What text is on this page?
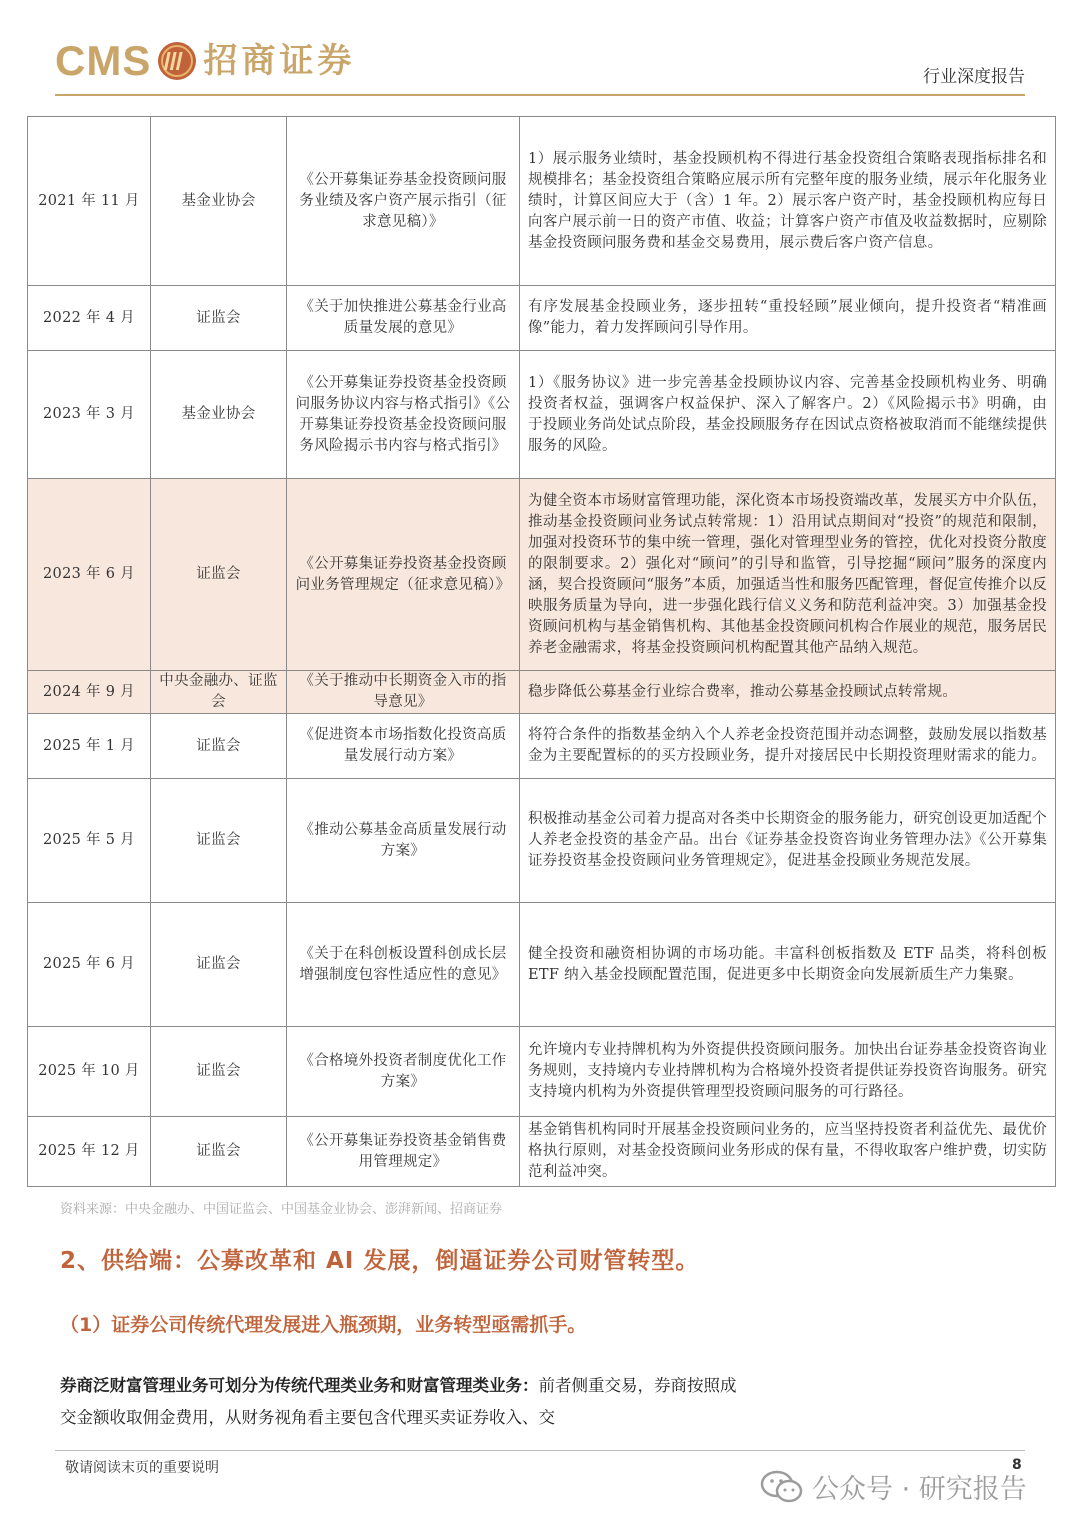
CMS 招商证券	行业深度报告
2021 年 11 月	基金业协会	《公开募集证券基金投资顾问服务业绩及客户资产展示指引（征求意见稿）》	1）展示服务业绩时，基金投顾机构不得进行基金投资组合策略表现指标排名和规模排名；基金投资组合策略应展示所有完整年度的服务业绩，展示年化服务业绩时，计算区间应大于（含）1 年。2）展示客户资产时，基金投顾机构应每日向客户展示前一日的资产市值、收益；计算客户资产市值及收益数据时，应剔除基金投资顾问服务费和基金交易费用，展示费后客户资产信息。
2022 年 4 月	证监会	《关于加快推进公募基金行业高质量发展的意见》	有序发展基金投顾业务，逐步扭转“重投轻顾”展业倾向，提升投资者“精准画像”能力，着力发挥顾问引导作用。
2023 年 3 月	基金业协会	《公开募集证券投资基金投资顾问服务协议内容与格式指引》《公开募集证券投资基金投资顾问服务风险揭示书内容与格式指引》	1）《服务协议》进一步完善基金投顾协议内容、完善基金投顾机构业务、明确投资者权益，强调客户权益保护、深入了解客户。2）《风险揭示书》明确，由于投顾业务尚处试点阶段，基金投顾服务存在因试点资格被取消而不能继续提供服务的风险。
2023 年 6 月	证监会	《公开募集证券投资基金投资顾问业务管理规定（征求意见稿）》	为健全资本市场财富管理功能，深化资本市场投资端改革，发展买方中介队伍，推动基金投资顾问业务试点转常规：1）沿用试点期间对“投资”的规范和限制，加强对投资环节的集中统一管理，强化对管理型业务的管控，优化对投资分散度的限制要求。2）强化对“顾问”的引导和监管，引导挖掘“顾问”服务的深度内涵，契合投资顾问“服务”本质，加强适当性和服务匹配管理，督促宣传推介以反映服务质量为导向，进一步强化践行信义义务和防范利益冲突。3）加强基金投资顾问机构与基金销售机构、其他基金投资顾问机构合作展业的规范，服务居民养老金融需求，将基金投资顾问机构配置其他产品纳入规范。
2024 年 9 月	中央金融办、证监会	《关于推动中长期资金入市的指导意见》	稳步降低公募基金行业综合费率，推动公募基金投顾试点转常规。
2025 年 1 月	证监会	《促进资本市场指数化投资高质量发展行动方案》	将符合条件的指数基金纳入个人养老金投资范围并动态调整，鼓励发展以指数基金为主要配置标的的买方投顾业务，提升对接居民中长期投资理财需求的能力。
2025 年 5 月	证监会	《推动公募基金高质量发展行动方案》	积极推动基金公司着力提高对各类中长期资金的服务能力，研究创设更加适配个人养老金投资的基金产品。出台《证券基金投资咨询业务管理办法》《公开募集证券投资基金投资顾问业务管理规定》，促进基金投顾业务规范发展。
2025 年 6 月	证监会	《关于在科创板设置科创成长层 增强制度包容性适应性的意见》	健全投资和融资相协调的市场功能。丰富科创板指数及 ETF 品类，将科创板 ETF 纳入基金投顾配置范围，促进更多中长期资金向发展新质生产力集聚。
2025 年 10 月	证监会	《合格境外投资者制度优化工作方案》	允许境内专业持牌机构为外资提供投资顾问服务。加快出台证券基金投资咨询业务规则，支持境内专业持牌机构为合格境外投资者提供证券投资咨询服务。研究支持境内机构为外资提供管理型投资顾问服务的可行路径。
2025 年 12 月	证监会	《公开募集证券投资基金销售费用管理规定》	基金销售机构同时开展基金投资顾问业务的，应当坚持投资者利益优先、最优价格执行原则，对基金投资顾问业务形成的保有量，不得收取客户维护费，切实防范利益冲突。
资料来源：中央金融办、中国证监会、中国基金业协会、澎湃新闻、招商证券
2、供给端：公募改革和 AI 发展，倒逼证券公司财管转型。
（1）证券公司传统代理发展进入瓶颈期，业务转型亟需抓手。
券商泛财富管理业务可划分为传统代理类业务和财富管理类业务：前者侧重交易，券商按照成交金额收取佣金费用，从财务视角看主要包含代理买卖证券收入、交
敬请阅读末页的重要说明	8
公众号 · 研究报告
